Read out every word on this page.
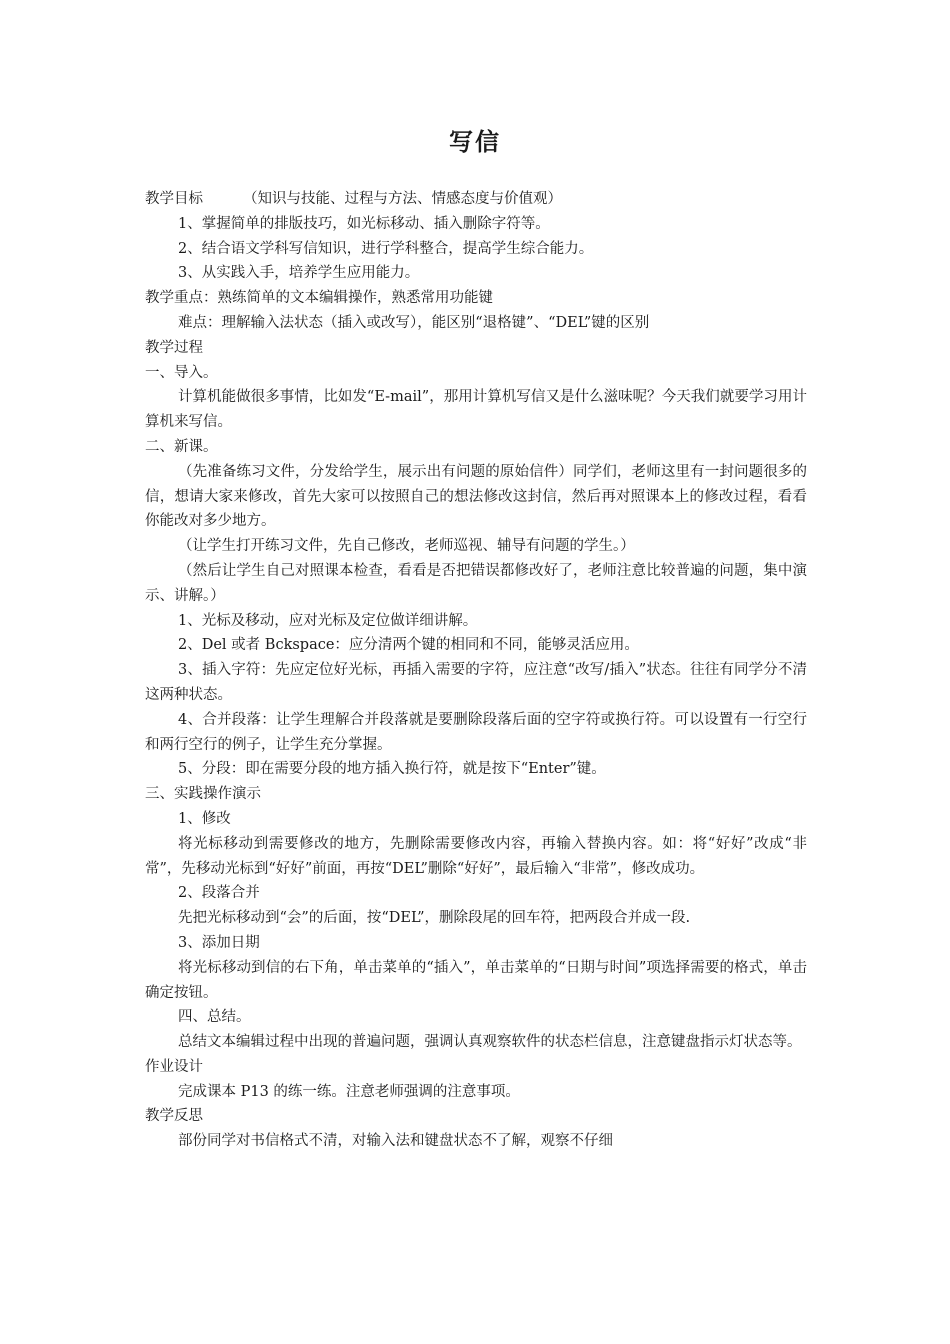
写信

教学目标	（知识与技能、过程与方法、情感态度与价值观）

1、掌握简单的排版技巧，如光标移动、插入删除字符等。

2、结合语文学科写信知识，进行学科整合，提高学生综合能力。

3、从实践入手，培养学生应用能力。

教学重点：熟练简单的文本编辑操作，熟悉常用功能键

难点：理解输入法状态（插入或改写），能区别“退格键”、“DEL”键的区别

教学过程

一、导入。

计算机能做很多事情，比如发“E-mail”，那用计算机写信又是什么滋味呢？今天我们就要学习用计算机来写信。

二、新课。

（先准备练习文件，分发给学生，展示出有问题的原始信件）同学们，老师这里有一封问题很多的信，想请大家来修改，首先大家可以按照自己的想法修改这封信，然后再对照课本上的修改过程，看看你能改对多少地方。

（让学生打开练习文件，先自己修改，老师巡视、辅导有问题的学生。）

（然后让学生自己对照课本检查，看看是否把错误都修改好了，老师注意比较普遍的问题，集中演示、讲解。）

1、光标及移动，应对光标及定位做详细讲解。

2、Del 或者 Bckspace：应分清两个键的相同和不同，能够灵活应用。

3、插入字符：先应定位好光标，再插入需要的字符，应注意“改写/插入”状态。往往有同学分不清这两种状态。

4、合并段落：让学生理解合并段落就是要删除段落后面的空字符或换行符。可以设置有一行空行和两行空行的例子，让学生充分掌握。

5、分段：即在需要分段的地方插入换行符，就是按下“Enter”键。

三、实践操作演示

1、修改

将光标移动到需要修改的地方，先删除需要修改内容，再输入替换内容。如：将“好好”改成“非常”，先移动光标到“好好”前面，再按“DEL”删除“好好”，最后输入“非常”，修改成功。

2、段落合并

先把光标移动到“会”的后面，按“DEL”，删除段尾的回车符，把两段合并成一段.

3、添加日期

将光标移动到信的右下角，单击菜单的“插入”，单击菜单的“日期与时间”项选择需要的格式，单击确定按钮。

四、总结。

总结文本编辑过程中出现的普遍问题，强调认真观察软件的状态栏信息，注意键盘指示灯状态等。

作业设计

完成课本 P13 的练一练。注意老师强调的注意事项。

教学反思

部份同学对书信格式不清，对输入法和键盘状态不了解，观察不仔细
